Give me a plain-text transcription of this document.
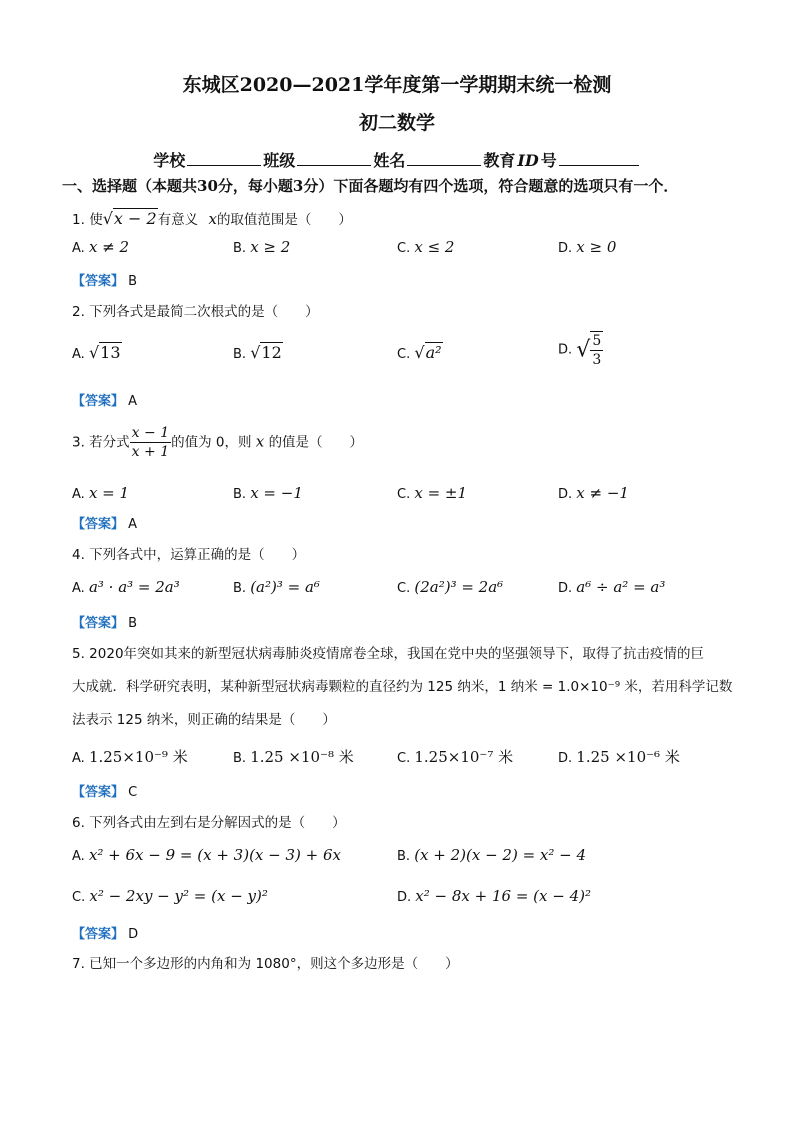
东城区2020—2021学年度第一学期期末统一检测
初二数学
学校	班级	姓名	教育 ID 号
一、选择题（本题共30分，每小题3分）下面各题均有四个选项，符合题意的选项只有一个．
1. 使√x − 2有意义 x的取值范围是（　　）
A. x ≠ 2	B. x ≥ 2	C. x ≤ 2	D. x ≥ 0
【答案】 B
2. 下列各式是最简二次根式的是（　　）
A. √13	B. √12	C. √a²	D. √ $\frac{5}{3}$
【答案】 A
3. 若分式 $\frac{x - 1}{x + 1}$ 的值为 0，则 x 的值是（　　）
A. x = 1	B. x = −1	C. x = ±1	D. x ≠ −1
【答案】 A
4. 下列各式中，运算正确的是（　　）
A. a³ · a³ = 2a³	B. (a²)³ = a⁶	C. (2a²)³ = 2a⁶	D. a⁶ ÷ a² = a³
【答案】 B
5. 2020年突如其来的新型冠状病毒肺炎疫情席卷全球，我国在党中央的坚强领导下，取得了抗击疫情的巨
大成就．科学研究表明，某种新型冠状病毒颗粒的直径约为 125 纳米，1 纳米 = 1.0×10⁻⁹ 米，若用科学记数
法表示 125 纳米，则正确的结果是（　　）
A. 1.25×10⁻⁹ 米	B. 1.25 ×10⁻⁸ 米	C. 1.25×10⁻⁷ 米	D. 1.25 ×10⁻⁶ 米
【答案】 C
6. 下列各式由左到右是分解因式的是（　　）
A. x² + 6x − 9 = (x + 3)(x − 3) + 6x	B. (x + 2)(x − 2) = x² − 4
C. x² − 2xy − y² = (x − y)²	D. x² − 8x + 16 = (x − 4)²
【答案】 D
7. 已知一个多边形的内角和为 1080°，则这个多边形是（　　）
